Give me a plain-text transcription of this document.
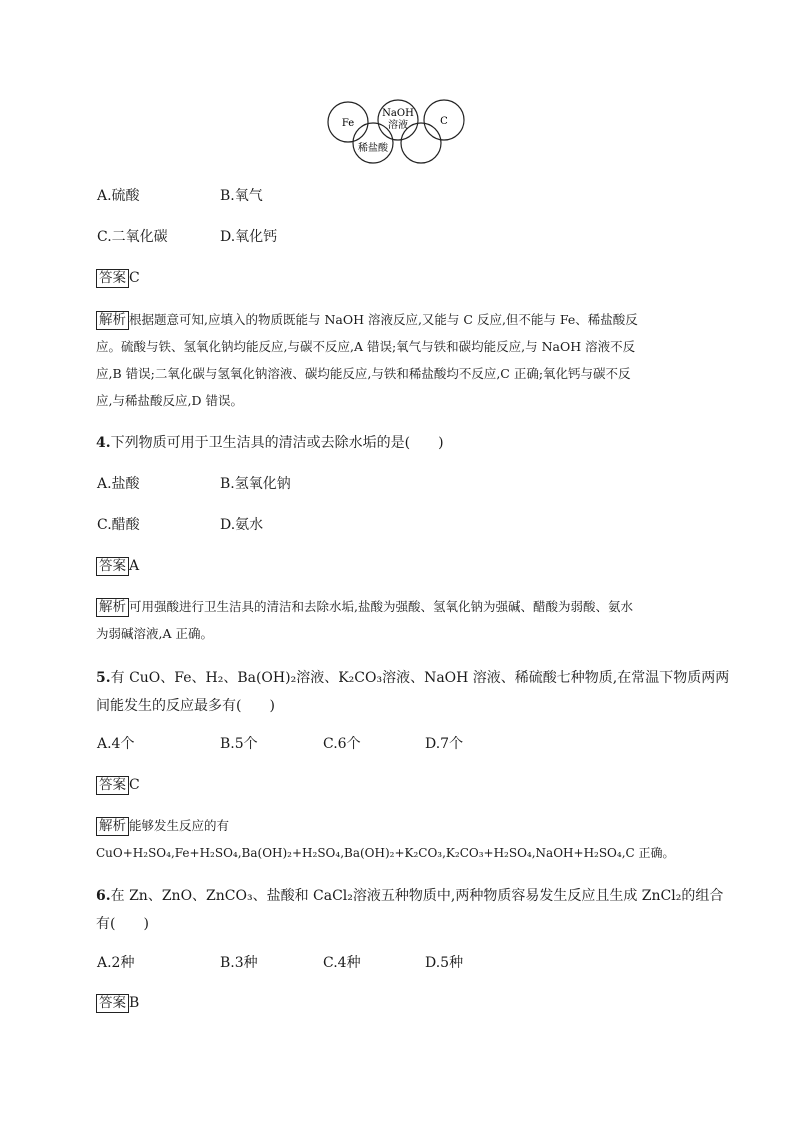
Fe
NaOH
溶液	C
稀盐酸
A.硫酸	B.氧气
C.二氧化碳	D.氧化钙
答案 C
解析 根据题意可知,应填入的物质既能与 NaOH 溶液反应,又能与 C 反应,但不能与 Fe、稀盐酸反
应。硫酸与铁、氢氧化钠均能反应,与碳不反应,A 错误;氧气与铁和碳均能反应,与 NaOH 溶液不反
应,B 错误;二氧化碳与氢氧化钠溶液、碳均能反应,与铁和稀盐酸均不反应,C 正确;氧化钙与碳不反
应,与稀盐酸反应,D 错误。
4.下列物质可用于卫生洁具的清洁或去除水垢的是(　　)
A.盐酸	B.氢氧化钠
C.醋酸	D.氨水
答案 A
解析 可用强酸进行卫生洁具的清洁和去除水垢,盐酸为强酸、氢氧化钠为强碱、醋酸为弱酸、氨水
为弱碱溶液,A 正确。
5.有 CuO、Fe、H₂、Ba(OH)₂溶液、K₂CO₃溶液、NaOH 溶液、稀硫酸七种物质,在常温下物质两两
间能发生的反应最多有(　　)
A.4个	B.5个	C.6个	D.7个
答案 C
解析 能够发生反应的有
CuO+H₂SO₄,Fe+H₂SO₄,Ba(OH)₂+H₂SO₄,Ba(OH)₂+K₂CO₃,K₂CO₃+H₂SO₄,NaOH+H₂SO₄,C 正确。
6.在 Zn、ZnO、ZnCO₃、盐酸和 CaCl₂溶液五种物质中,两种物质容易发生反应且生成 ZnCl₂的组合
有(　　)
A.2种	B.3种	C.4种	D.5种
答案 B
